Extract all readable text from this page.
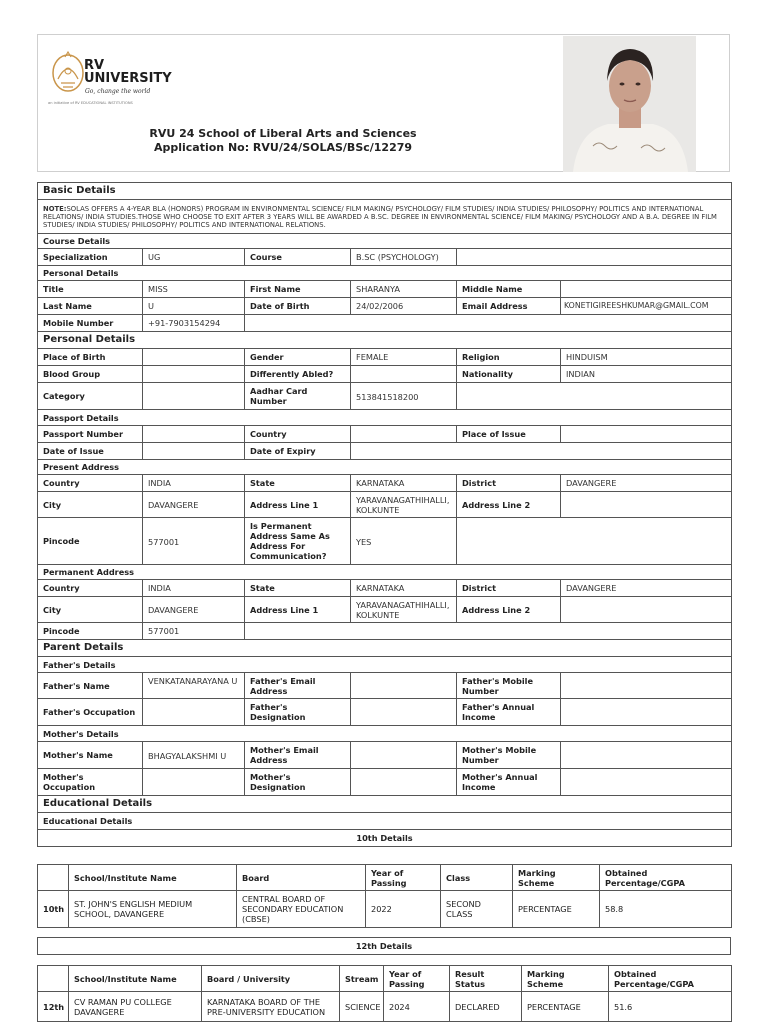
RV
UNIVERSITY
Go, change the world
an initiative of RV EDUCATIONAL INSTITUTIONS
RVU 24 School of Liberal Arts and Sciences
Application No: RVU/24/SOLAS/BSc/12279
Basic Details					
NOTE:SOLAS OFFERS A 4-YEAR BLA (HONORS) PROGRAM IN ENVIRONMENTAL SCIENCE/ FILM MAKING/ PSYCHOLOGY/ FILM STUDIES/ INDIA STUDIES/ PHILOSOPHY/ POLITICS AND INTERNATIONAL RELATIONS/ INDIA STUDIES.THOSE WHO CHOOSE TO EXIT AFTER 3 YEARS WILL BE AWARDED A B.SC. DEGREE IN ENVIRONMENTAL SCIENCE/ FILM MAKING/ PSYCHOLOGY AND A B.A. DEGREE IN FILM STUDIES/ INDIA STUDIES/ PHILOSOPHY/ POLITICS AND INTERNATIONAL RELATIONS.					
Course Details					
Specialization	UG	Course	B.SC (PSYCHOLOGY)		
Personal Details					
Title	MISS	First Name	SHARANYA	Middle Name	
Last Name	U	Date of Birth	24/02/2006	Email Address	KONETIGIREESHKUMAR@GMAIL.COM
Mobile Number	+91-7903154294				
Personal Details					
Place of Birth		Gender	FEMALE	Religion	HINDUISM
Blood Group		Differently Abled?		Nationality	INDIAN
Category		Aadhar Card Number	513841518200		
Passport Details					
Passport Number		Country		Place of Issue	
Date of Issue		Date of Expiry			
Present Address					
Country	INDIA	State	KARNATAKA	District	DAVANGERE
City	DAVANGERE	Address Line 1	YARAVANAGATHIHALLI, KOLKUNTE	Address Line 2	
Pincode	577001	Is Permanent Address Same As Address For Communication?	YES		
Permanent Address					
Country	INDIA	State	KARNATAKA	District	DAVANGERE
City	DAVANGERE	Address Line 1	YARAVANAGATHIHALLI, KOLKUNTE	Address Line 2	
Pincode	577001				
Parent Details					
Father's Details					
Father's Name	VENKATANARAYANA U	Father's Email Address		Father's Mobile Number	
Father's Occupation		Father's Designation		Father's Annual Income	
Mother's Details					
Mother's Name	BHAGYALAKSHMI U	Mother's Email Address		Mother's Mobile Number	
Mother's Occupation		Mother's Designation		Mother's Annual Income	
Educational Details					
Educational Details					
10th Details					
	School/Institute Name	Board	Year of Passing	Class	Marking Scheme	Obtained Percentage/CGPA
10th	ST. JOHN'S ENGLISH MEDIUM SCHOOL, DAVANGERE	CENTRAL BOARD OF SECONDARY EDUCATION (CBSE)	2022	SECOND CLASS	PERCENTAGE	58.8
12th Details
	School/Institute Name	Board / University	Stream	Year of Passing	Result Status	Marking Scheme	Obtained Percentage/CGPA
12th	CV RAMAN PU COLLEGE DAVANGERE	KARNATAKA BOARD OF THE PRE-UNIVERSITY EDUCATION	SCIENCE	2024	DECLARED	PERCENTAGE	51.6
